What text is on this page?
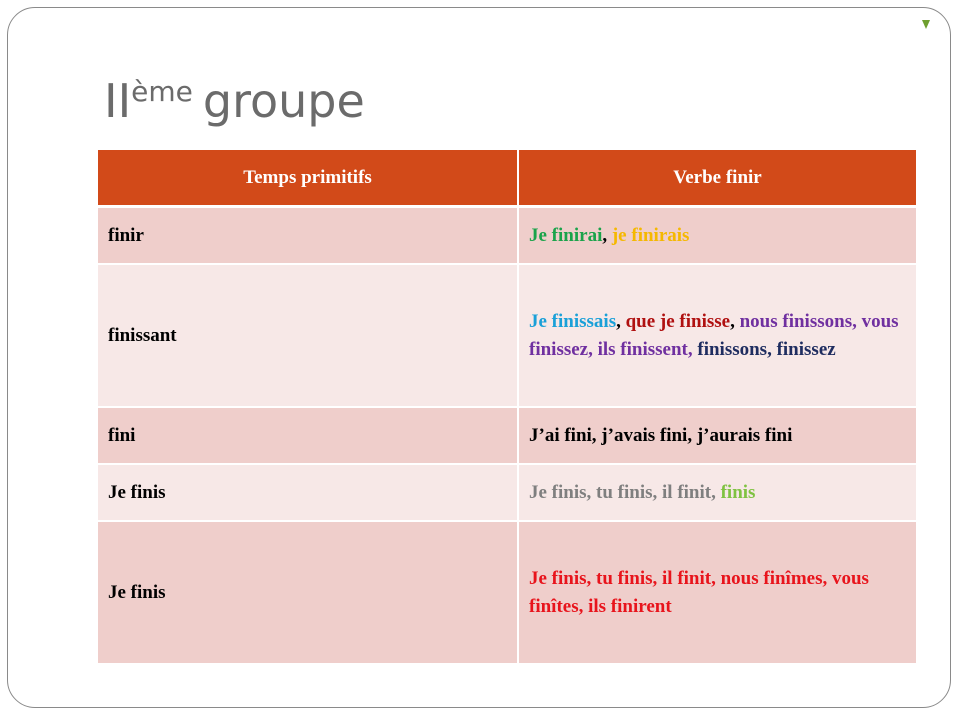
IIème groupe
Temps primitifs	Verbe finir
finir	Je finirai, je finirais
finissant	Je finissais, que je finisse, nous finissons, vous finissez, ils finissent, finissons, finissez
fini	J’ai fini, j’avais fini, j’aurais fini
Je finis	Je finis, tu finis, il finit, finis
Je finis	Je finis, tu finis, il finit, nous finîmes, vous finîtes, ils finirent
